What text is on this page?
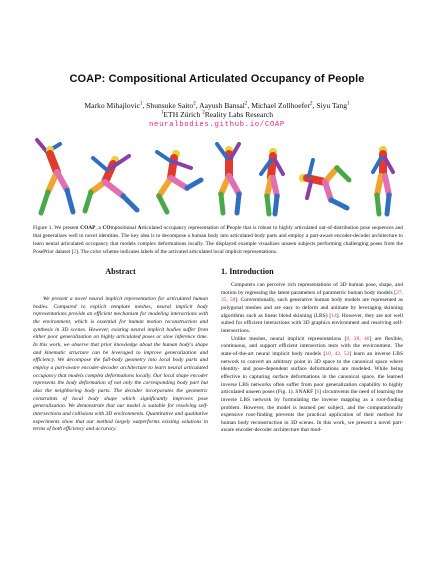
COAP: Compositional Articulated Occupancy of People
Marko Mihajlovic$^1$, Shunsuke Saito$^2$, Aayush Bansal$^2$, Michael Zollhoefer$^2$, Siyu Tang$^1$
$^1$ETH Zürich $^2$Reality Labs Research
neuralbodies.github.io/COAP
Figure 1. We present COAP, a COmpositional Articulated occupancy representation of People that is robust to highly articulated out-of-distribution pose sequences and that generalizes well to novel identities. The key idea is to decompose a human body into articulated body parts and employ a part-aware encoder-decoder architecture to learn neural articulated occupancy that models complex deformations locally. The displayed example visualizes unseen subjects performing challenging poses from the PosePrior dataset [2]. The color scheme indicates labels of the activated articulated local implicit representations.
Abstract
We present a novel neural implicit representation for articulated human bodies. Compared to explicit template meshes, neural implicit body representations provide an efficient mechanism for modeling interactions with the environment, which is essential for human motion reconstruction and synthesis in 3D scenes. However, existing neural implicit bodies suffer from either poor generalization on highly articulated poses or slow inference time. In this work, we observe that prior knowledge about the human body's shape and kinematic structure can be leveraged to improve generalization and efficiency. We decompose the full-body geometry into local body parts and employ a part-aware encoder-decoder architecture to learn neural articulated occupancy that models complex deformations locally. Our local shape encoder represents the body deformation of not only the corresponding body part but also the neighboring body parts. The decoder incorporates the geometric constraints of local body shape which significantly improves pose generalization. We demonstrate that our model is suitable for resolving self-intersections and collisions with 3D environments. Quantitative and qualitative experiments show that our method largely outperforms existing solutions in terms of both efficiency and accuracy.
1. Introduction

Computers can perceive rich representations of 3D human pose, shape, and motion by regressing the latent parameters of parametric human body models [27, 35, 58]. Conventionally, such generative human body models are represented as polygonal meshes and are easy to deform and animate by leveraging skinning algorithms such as linear blend skinning (LBS) [14]. However, they are not well suited for efficient interactions with 3D graphics environment and resolving self-intersections.

Unlike meshes, neural implicit representations [8, 28, 40] are flexible, continuous, and support efficient intersection tests with the environment. The state-of-the-art neural implicit body models [10, 42, 52] learn an inverse LBS network to convert an arbitrary point in 3D space to the canonical space where identity- and pose-dependent surface deformations are modeled. While being effective in capturing surface deformations in the canonical space, the learned inverse LBS networks often suffer from poor generalization capability to highly articulated unseen poses (Fig. 1). SNARF [6] circumvents the need of learning the inverse LBS network by formulating the inverse mapping as a root-finding problem. However, the model is learned per subject, and the computationally expensive root-finding prevents the practical application of their method for human body reconstruction in 3D scenes. In this work, we present a novel part-aware encoder-decoder architecture that mod-
